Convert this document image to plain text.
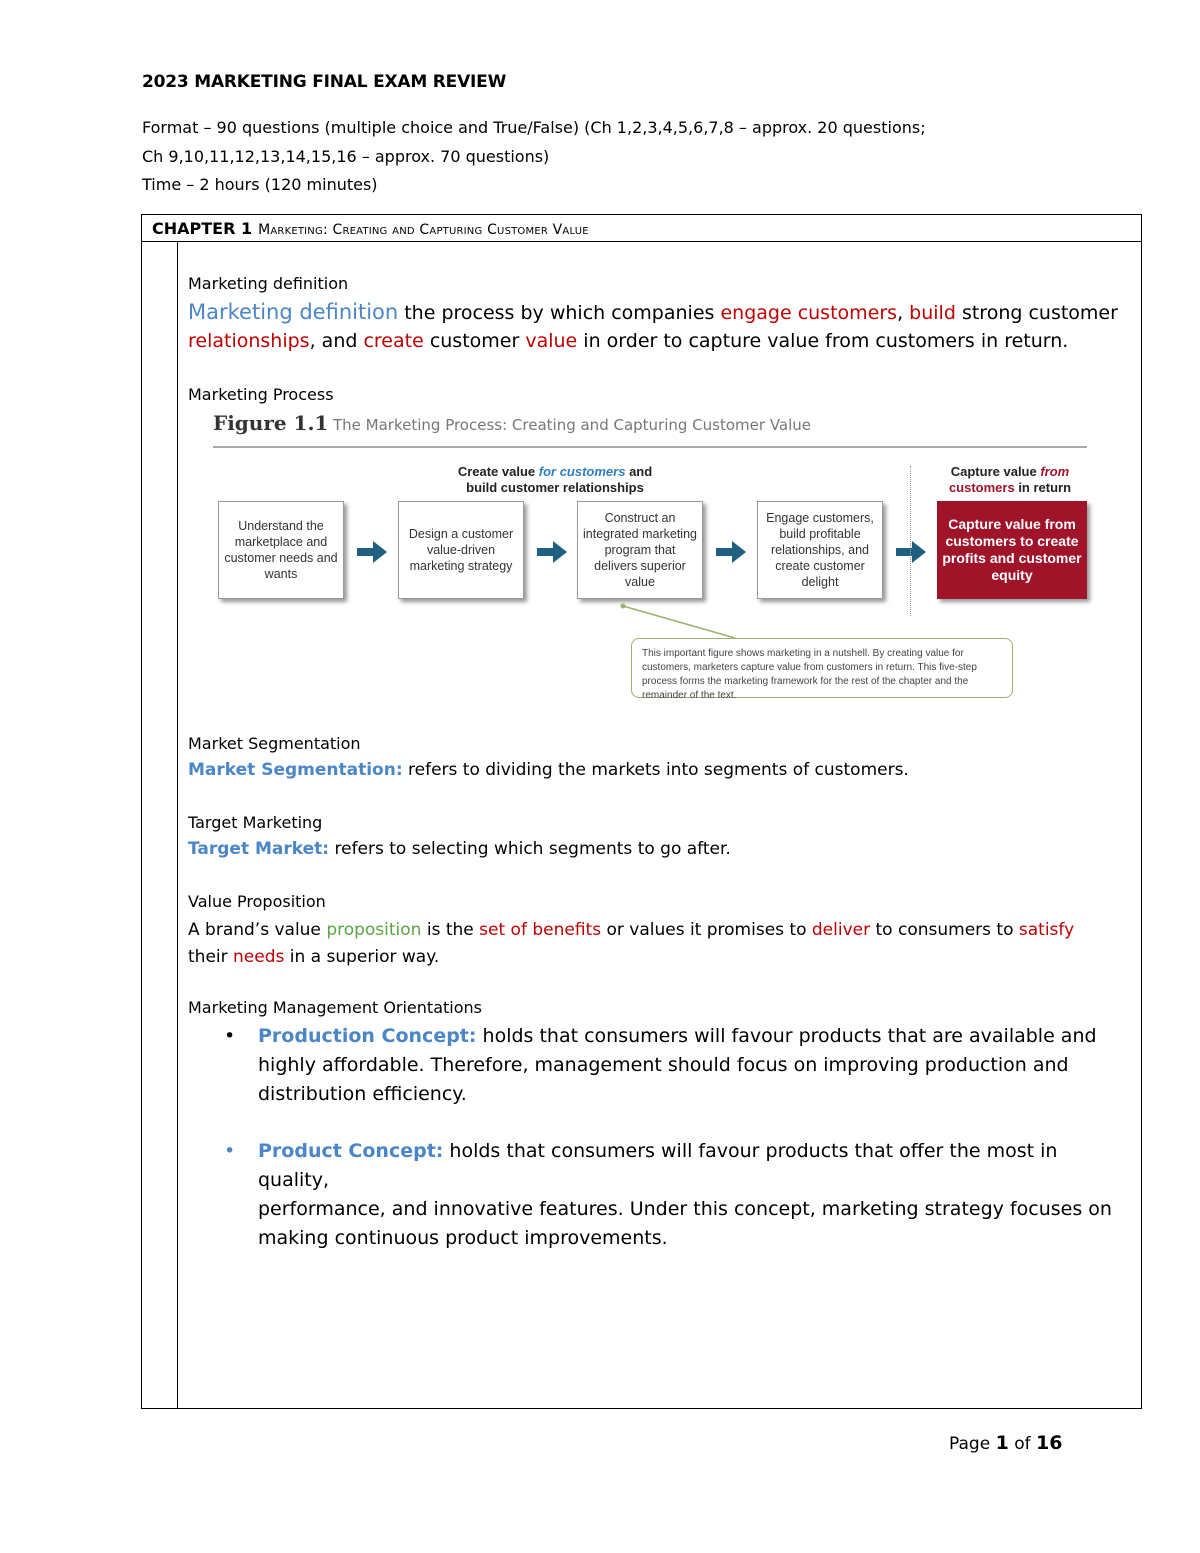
2023 MARKETING FINAL EXAM REVIEW
Format – 90 questions (multiple choice and True/False) (Ch 1,2,3,4,5,6,7,8 – approx. 20 questions;
Ch 9,10,11,12,13,14,15,16 – approx. 70 questions)
Time – 2 hours (120 minutes)
CHAPTER 1 Marketing: Creating and Capturing Customer Value
Marketing definition
Marketing definition the process by which companies engage customers, build strong customer
relationships, and create customer value in order to capture value from customers in return.
Marketing Process
Figure 1.1 The Marketing Process: Creating and Capturing Customer Value
Create value for customers and
build customer relationships
Capture value from
customers in return
Understand the marketplace and customer needs and wants
Design a customer value-driven marketing strategy
Construct an integrated marketing program that delivers superior value
Engage customers, build profitable relationships, and create customer delight
Capture value from customers to create profits and customer equity
This important figure shows marketing in a nutshell. By creating value for customers, marketers capture value from customers in return. This five-step process forms the marketing framework for the rest of the chapter and the remainder of the text.
Market Segmentation
Market Segmentation: refers to dividing the markets into segments of customers.
Target Marketing
Target Market: refers to selecting which segments to go after.
Value Proposition
A brand’s value proposition is the set of benefits or values it promises to deliver to consumers to satisfy
their needs in a superior way.
Marketing Management Orientations
• Production Concept: holds that consumers will favour products that are available and
highly affordable. Therefore, management should focus on improving production and
distribution efficiency.
• Product Concept: holds that consumers will favour products that offer the most in quality,
performance, and innovative features. Under this concept, marketing strategy focuses on
making continuous product improvements.
Page 1 of 16
